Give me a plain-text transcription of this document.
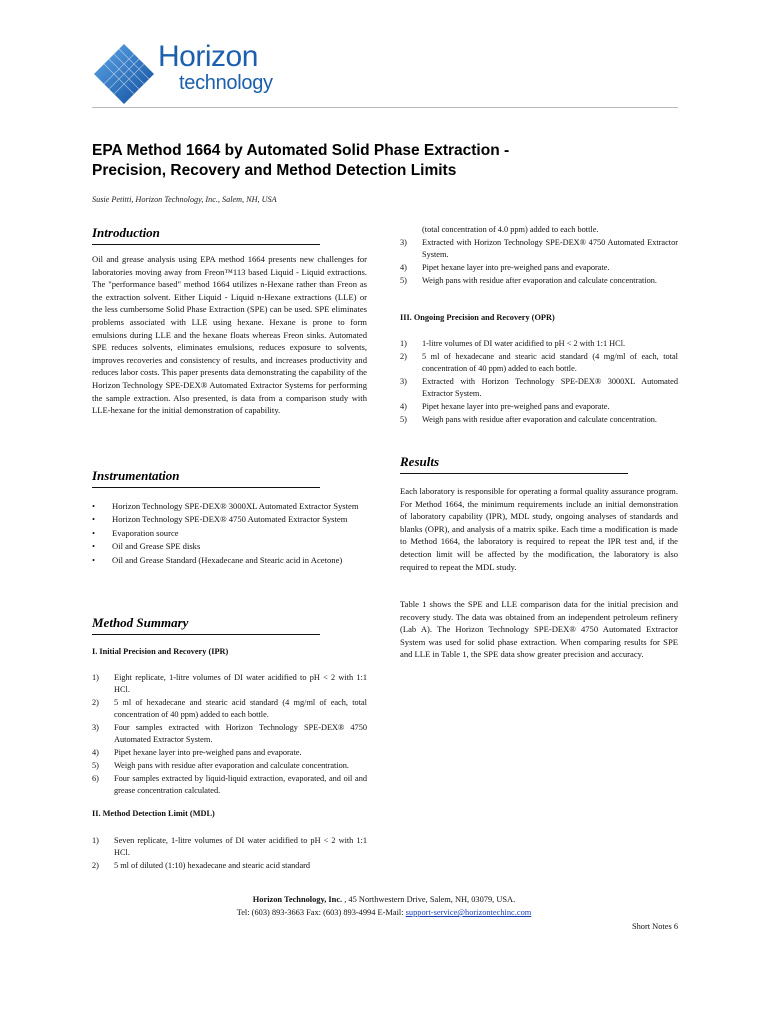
Horizon
technology
EPA Method 1664 by Automated Solid Phase Extraction -
Precision, Recovery and Method Detection Limits
Susie Petitti, Horizon Technology, Inc., Salem, NH, USA
Introduction

Oil and grease analysis using EPA method 1664 presents new challenges for laboratories moving away from Freon™113 based Liquid - Liquid extractions. The "performance based" method 1664 utilizes n-Hexane rather than Freon as the extraction solvent. Either Liquid - Liquid n-Hexane extractions (LLE) or the less cumbersome Solid Phase Extraction (SPE) can be used. SPE eliminates problems associated with LLE using hexane. Hexane is prone to form emulsions during LLE and the hexane floats whereas Freon sinks. Automated SPE reduces solvents, eliminates emulsions, reduces exposure to solvents, improves recoveries and consistency of results, and increases productivity and reduces labor costs. This paper presents data demonstrating the capability of the Horizon Technology SPE-DEX® Automated Extractor Systems for performing the sample extraction. Also presented, is data from a comparison study with LLE-hexane for the initial demonstration of capability.

Instrumentation
• Horizon Technology SPE-DEX® 3000XL Automated Extractor System
• Horizon Technology SPE-DEX® 4750 Automated Extractor System
• Evaporation source
• Oil and Grease SPE disks
• Oil and Grease Standard (Hexadecane and Stearic acid in Acetone)
Method Summary
I. Initial Precision and Recovery (IPR)
1) Eight replicate, 1-litre volumes of DI water acidified to pH < 2 with 1:1 HCl.
2) 5 ml of hexadecane and stearic acid standard (4 mg/ml of each, total concentration of 40 ppm) added to each bottle.
3) Four samples extracted with Horizon Technology SPE-DEX® 4750 Automated Extractor System.
4) Pipet hexane layer into pre-weighed pans and evaporate.
5) Weigh pans with residue after evaporation and calculate concentration.
6) Four samples extracted by liquid-liquid extraction, evaporated, and oil and grease concentration calculated.
II. Method Detection Limit (MDL)
1) Seven replicate, 1-litre volumes of DI water acidified to pH < 2 with 1:1 HCl.
2) 5 ml of diluted (1:10) hexadecane and stearic acid standard
(total concentration of 4.0 ppm) added to each bottle.
3) Extracted with Horizon Technology SPE-DEX® 4750 Automated Extractor System.
4) Pipet hexane layer into pre-weighed pans and evaporate.
5) Weigh pans with residue after evaporation and calculate concentration.
III. Ongoing Precision and Recovery (OPR)
1) 1-litre volumes of DI water acidified to pH < 2 with 1:1 HCl.
2) 5 ml of hexadecane and stearic acid standard (4 mg/ml of each, total concentration of 40 ppm) added to each bottle.
3) Extracted with Horizon Technology SPE-DEX® 3000XL Automated Extractor System.
4) Pipet hexane layer into pre-weighed pans and evaporate.
5) Weigh pans with residue after evaporation and calculate concentration.
Results

Each laboratory is responsible for operating a formal quality assurance program. For Method 1664, the minimum requirements include an initial demonstration of laboratory capability (IPR), MDL study, ongoing analyses of standards and blanks (OPR), and analysis of a matrix spike. Each time a modification is made to Method 1664, the laboratory is required to repeat the IPR test and, if the detection limit will be affected by the modification, the laboratory is also required to repeat the MDL study.

Table 1 shows the SPE and LLE comparison data for the initial precision and recovery study. The data was obtained from an independent petroleum refinery (Lab A). The Horizon Technology SPE-DEX® 4750 Automated Extractor System was used for solid phase extraction. When comparing results for SPE and LLE in Table 1, the SPE data show greater precision and accuracy.

Horizon Technology, Inc. , 45 Northwestern Drive, Salem, NH, 03079, USA.
Tel: (603) 893-3663 Fax: (603) 893-4994 E-Mail: support-service@horizontechinc.com
Short Notes 6
